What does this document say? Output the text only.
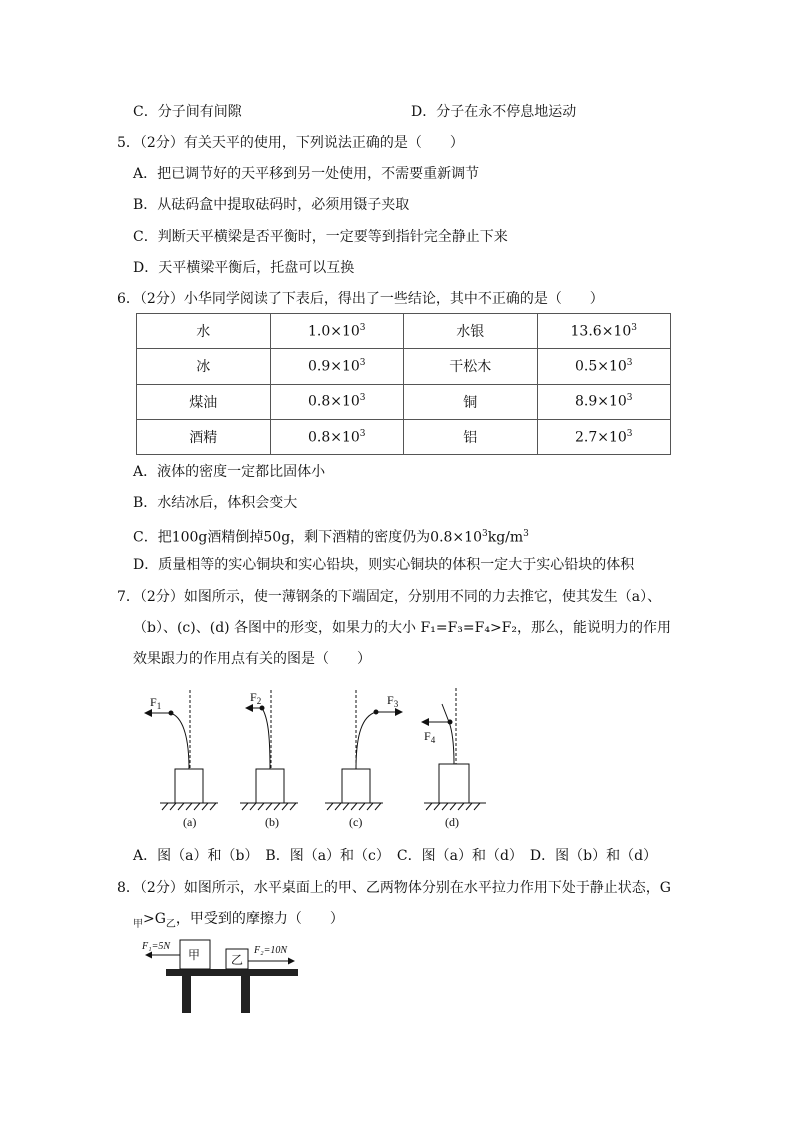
C．分子间有间隙	D．分子在永不停息地运动
5．（2分）有关天平的使用，下列说法正确的是（　　）
A．把已调节好的天平移到另一处使用，不需要重新调节
B．从砝码盒中提取砝码时，必须用镊子夹取
C．判断天平横梁是否平衡时，一定要等到指针完全静止下来
D．天平横梁平衡后，托盘可以互换
6．（2分）小华同学阅读了下表后，得出了一些结论，其中不正确的是（　　）
水	$1.0\times 10^3$	水银	$13.6\times 10^3$
冰	$0.9\times 10^3$	干松木	$0.5\times 10^3$
煤油	$0.8\times 10^3$	铜	$8.9\times 10^3$
酒精	$0.8\times 10^3$	铝	$2.7\times 10^3$
A．液体的密度一定都比固体小
B．水结冰后，体积会变大
C．把100g酒精倒掉50g，剩下酒精的密度仍为$0.8\times 10^3kg/m^3$
D．质量相等的实心铜块和实心铅块，则实心铜块的体积一定大于实心铅块的体积
7．（2分）如图所示，使一薄钢条的下端固定，分别用不同的力去推它，使其发生（a）、
（b）、(c)、(d) 各图中的形变，如果力的大小 F₁=F₃=F₄>F₂，那么，能说明力的作用
效果跟力的作用点有关的图是（　　）
$F_1$
$F_2$	$F_3$
$F_4$
(a)	(b)	(c)	(d)
A．图（a）和（b）　B．图（a）和（c）　C．图（a）和（d）　D．图（b）和（d）
8．（2分）如图所示，水平桌面上的甲、乙两物体分别在水平拉力作用下处于静止状态，G
$_甲>G_乙$，甲受到的摩擦力（　　）
F₁=5N	F₂=10N
甲	乙
